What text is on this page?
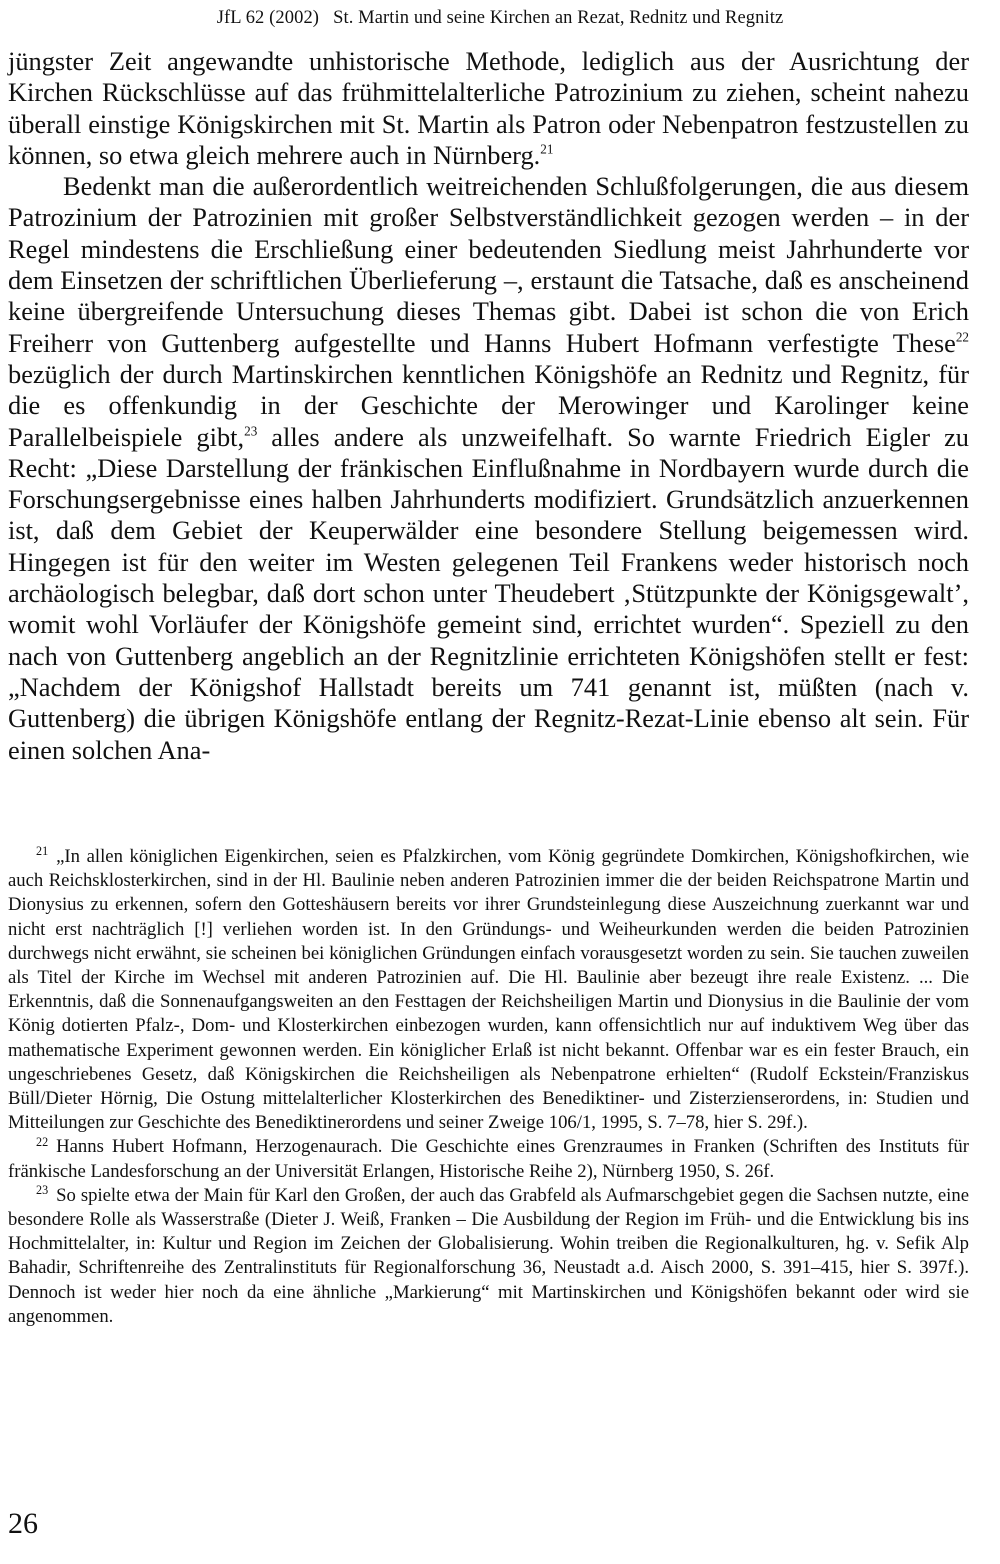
JfL 62 (2002) St. Martin und seine Kirchen an Rezat, Rednitz und Regnitz

jüngster Zeit angewandte unhistorische Methode, lediglich aus der Ausrichtung der Kirchen Rückschlüsse auf das frühmittelalterliche Patrozinium zu ziehen, scheint nahezu überall einstige Königskirchen mit St. Martin als Patron oder Nebenpatron festzustellen zu können, so etwa gleich mehrere auch in Nürnberg.$^{21}$

Bedenkt man die außerordentlich weitreichenden Schlußfolgerungen, die aus diesem Patrozinium der Patrozinien mit großer Selbstverständlichkeit gezogen werden – in der Regel mindestens die Erschließung einer bedeutenden Siedlung meist Jahrhunderte vor dem Einsetzen der schriftlichen Überlieferung –, erstaunt die Tatsache, daß es anscheinend keine übergreifende Untersuchung dieses Themas gibt. Dabei ist schon die von Erich Freiherr von Guttenberg aufgestellte und Hanns Hubert Hofmann verfestigte These$^{22}$ bezüglich der durch Martinskirchen kenntlichen Königshöfe an Rednitz und Regnitz, für die es offenkundig in der Geschichte der Merowinger und Karolinger keine Parallelbeispiele gibt,$^{23}$ alles andere als unzweifelhaft. So warnte Friedrich Eigler zu Recht: „Diese Darstellung der fränkischen Einflußnahme in Nordbayern wurde durch die Forschungsergebnisse eines halben Jahrhunderts modifiziert. Grundsätzlich anzuerkennen ist, daß dem Gebiet der Keuperwälder eine besondere Stellung beigemessen wird. Hingegen ist für den weiter im Westen gelegenen Teil Frankens weder historisch noch archäologisch belegbar, daß dort schon unter Theudebert ‚Stützpunkte der Königsgewalt’, womit wohl Vorläufer der Königshöfe gemeint sind, errichtet wurden“. Speziell zu den nach von Guttenberg angeblich an der Regnitzlinie errichteten Königshöfen stellt er fest: „Nachdem der Königshof Hallstadt bereits um 741 genannt ist, müßten (nach v. Guttenberg) die übrigen Königshöfe entlang der Regnitz-Rezat-Linie ebenso alt sein. Für einen solchen Ana-

$^{21}$ „In allen königlichen Eigenkirchen, seien es Pfalzkirchen, vom König gegründete Domkirchen, Königshofkirchen, wie auch Reichsklosterkirchen, sind in der Hl. Baulinie neben anderen Patrozinien immer die der beiden Reichspatrone Martin und Dionysius zu erkennen, sofern den Gotteshäusern bereits vor ihrer Grundsteinlegung diese Auszeichnung zuerkannt war und nicht erst nachträglich [!] verliehen worden ist. In den Gründungs- und Weiheurkunden werden die beiden Patrozinien durchwegs nicht erwähnt, sie scheinen bei königlichen Gründungen einfach vorausgesetzt worden zu sein. Sie tauchen zuweilen als Titel der Kirche im Wechsel mit anderen Patrozinien auf. Die Hl. Baulinie aber bezeugt ihre reale Existenz. ... Die Erkenntnis, daß die Sonnenaufgangsweiten an den Festtagen der Reichsheiligen Martin und Dionysius in die Baulinie der vom König dotierten Pfalz-, Dom- und Klosterkirchen einbezogen wurden, kann offensichtlich nur auf induktivem Weg über das mathematische Experiment gewonnen werden. Ein königlicher Erlaß ist nicht bekannt. Offenbar war es ein fester Brauch, ein ungeschriebenes Gesetz, daß Königskirchen die Reichsheiligen als Nebenpatrone erhielten“ (Rudolf Eckstein/Franziskus Büll/Dieter Hörnig, Die Ostung mittelalterlicher Klosterkirchen des Benediktiner- und Zisterzienserordens, in: Studien und Mitteilungen zur Geschichte des Benediktinerordens und seiner Zweige 106/1, 1995, S. 7–78, hier S. 29f.).

$^{22}$ Hanns Hubert Hofmann, Herzogenaurach. Die Geschichte eines Grenzraumes in Franken (Schriften des Instituts für fränkische Landesforschung an der Universität Erlangen, Historische Reihe 2), Nürnberg 1950, S. 26f.

$^{23}$ So spielte etwa der Main für Karl den Großen, der auch das Grabfeld als Aufmarschgebiet gegen die Sachsen nutzte, eine besondere Rolle als Wasserstraße (Dieter J. Weiß, Franken – Die Ausbildung der Region im Früh- und die Entwicklung bis ins Hochmittelalter, in: Kultur und Region im Zeichen der Globalisierung. Wohin treiben die Regionalkulturen, hg. v. Sefik Alp Bahadir, Schriftenreihe des Zentralinstituts für Regionalforschung 36, Neustadt a.d. Aisch 2000, S. 391–415, hier S. 397f.). Dennoch ist weder hier noch da eine ähnliche „Markierung“ mit Martinskirchen und Königshöfen bekannt oder wird sie angenommen.

26
